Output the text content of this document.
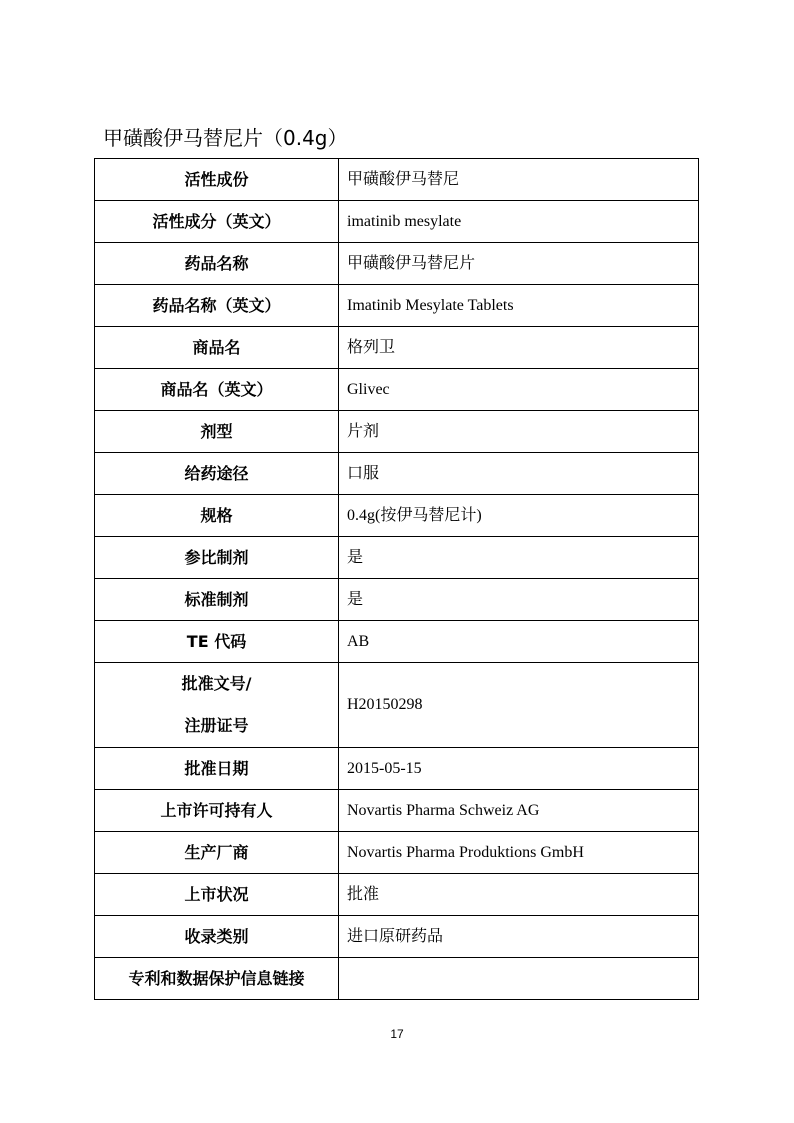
甲磺酸伊马替尼片（0.4g）
活性成份	甲磺酸伊马替尼
活性成分（英文）	imatinib mesylate
药品名称	甲磺酸伊马替尼片
药品名称（英文）	Imatinib Mesylate Tablets
商品名	格列卫
商品名（英文）	Glivec
剂型	片剂
给药途径	口服
规格	0.4g(按伊马替尼计)
参比制剂	是
标准制剂	是
TE 代码	AB

批准文号/
注册证号	H20150298
批准日期	2015-05-15
上市许可持有人	Novartis Pharma Schweiz AG
生产厂商	Novartis Pharma Produktions GmbH
上市状况	批准
收录类别	进口原研药品
专利和数据保护信息链接	
17
